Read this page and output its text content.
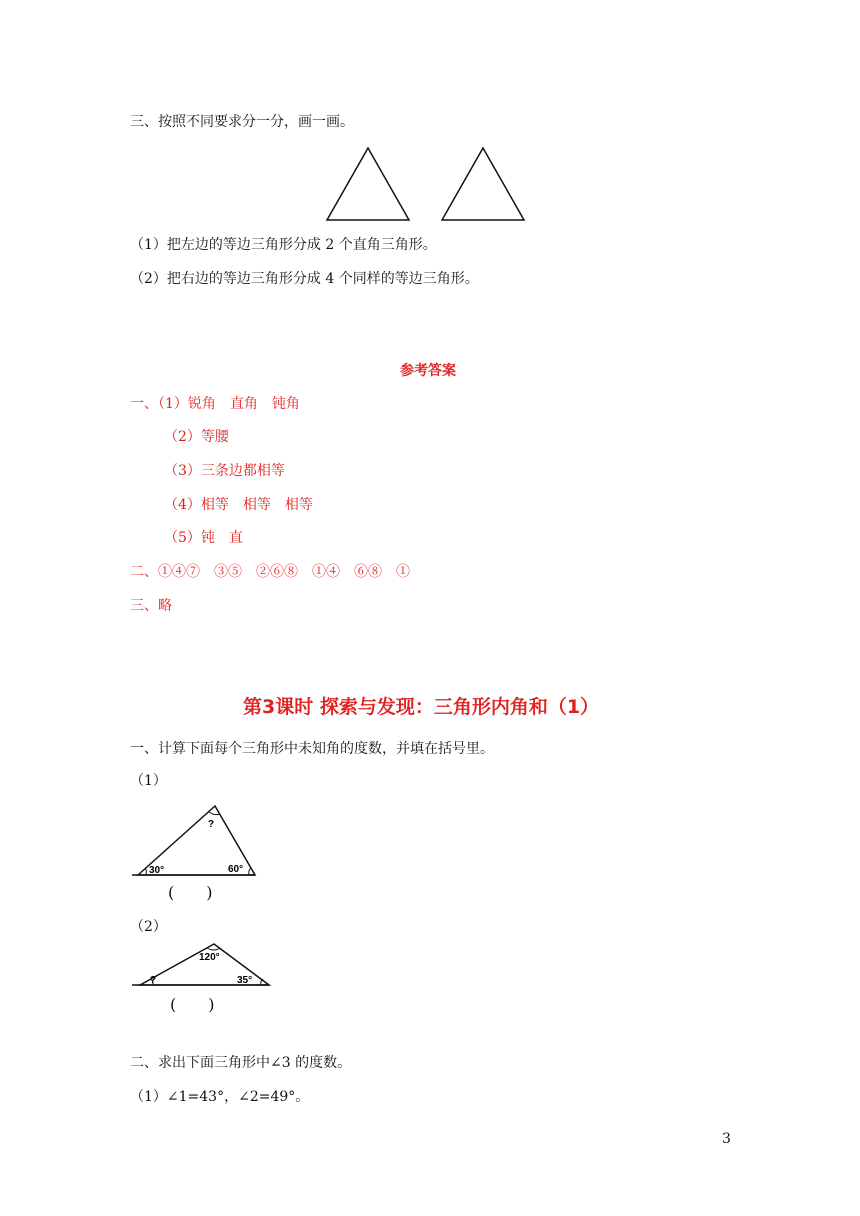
三、按照不同要求分一分，画一画。
（1）把左边的等边三角形分成 2 个直角三角形。
（2）把右边的等边三角形分成 4 个同样的等边三角形。
参考答案
一、（1）锐角　直角　钝角
（2）等腰
（3）三条边都相等
（4）相等　相等　相等
（5）钝　直
二、①④⑦　③⑤　②⑥⑧　①④　⑥⑧　①
三、略
第3课时 探索与发现：三角形内角和（1）
一、计算下面每个三角形中未知角的度数，并填在括号里。
（1）
?
30°	60°
(　　)
（2）
120°
?	35°
(　　)
二、求出下面三角形中∠3 的度数。
（1）∠1=43°，∠2=49°。
3
